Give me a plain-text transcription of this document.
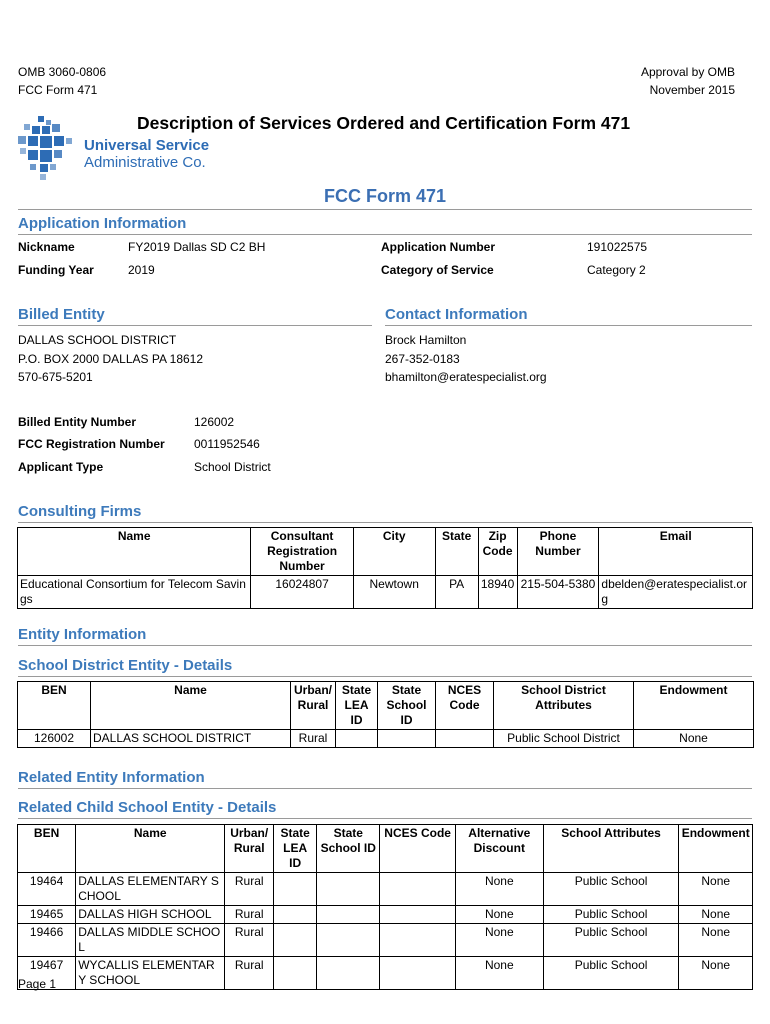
OMB 3060-0806
FCC Form 471
Approval by OMB
November 2015
Universal Service
Administrative Co.
Description of Services Ordered and Certification Form 471
FCC Form 471
Application Information
Nickname	FY2019 Dallas SD C2 BH	Application Number	191022575
Funding Year	2019	Category of Service	Category 2
Billed Entity
DALLAS SCHOOL DISTRICT
P.O. BOX 2000 DALLAS PA 18612
570-675-5201
Contact Information
Brock Hamilton
267-352-0183
bhamilton@eratespecialist.org
Billed Entity Number	126002
FCC Registration Number 0011952546
Applicant Type	School District
Consulting Firms
Name	Consultant Registration Number	City	State	Zip Code	Phone Number	Email
Educational Consortium for Telecom Savings	16024807	Newtown	PA	18940	215-504-5380	dbelden@eratespecialist.org
Entity Information
School District Entity - Details
BEN	Name	Urban/ Rural	State LEA ID	State School ID	NCES Code	School District Attributes	Endowment
126002	DALLAS SCHOOL DISTRICT	Rural				Public School District	None
Related Entity Information
Related Child School Entity - Details
BEN	Name	Urban/ Rural	State LEA ID	State School ID	NCES Code	Alternative Discount	School Attributes	Endowment
19464	DALLAS ELEMENTARY SCHOOL	Rural				None	Public School	None
19465	DALLAS HIGH SCHOOL	Rural				None	Public School	None
19466	DALLAS MIDDLE SCHOOL	Rural				None	Public School	None
19467	WYCALLIS ELEMENTARY SCHOOL	Rural				None	Public School	None
Page 1
